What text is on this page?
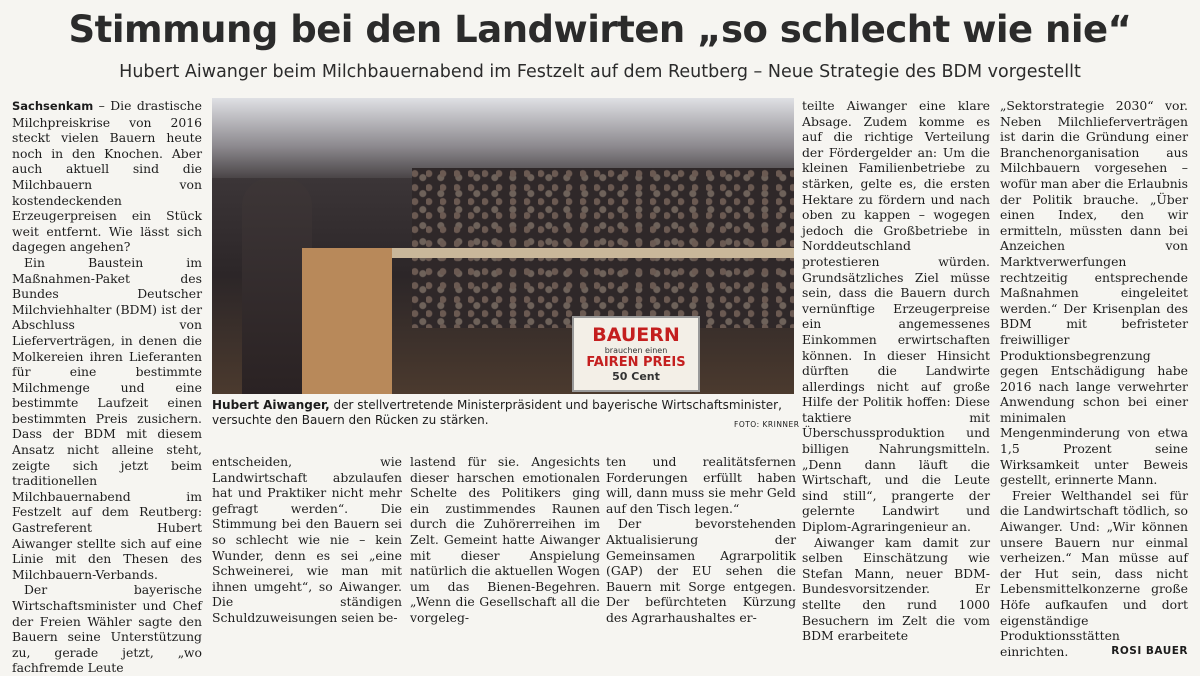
Stimmung bei den Landwirten „so schlecht wie nie“
Hubert Aiwanger beim Milchbauernabend im Festzelt auf dem Reutberg – Neue Strategie des BDM vorgestellt

Sachsenkam – Die drastische Milchpreiskrise von 2016 steckt vielen Bauern heute noch in den Knochen. Aber auch aktuell sind die Milchbauern von kostendeckenden Erzeugerpreisen ein Stück weit entfernt. Wie lässt sich dagegen angehen?

Ein Baustein im Maßnahmen-Paket des Bundes Deutscher Milchviehhalter (BDM) ist der Abschluss von Lieferverträgen, in denen die Molkereien ihren Lieferanten für eine bestimmte Milchmenge und eine bestimmte Laufzeit einen bestimmten Preis zusichern. Dass der BDM mit diesem Ansatz nicht alleine steht, zeigte sich jetzt beim traditionellen Milchbauernabend im Festzelt auf dem Reutberg: Gastreferent Hubert Aiwanger stellte sich auf eine Linie mit den Thesen des Milchbauern-Verbands.

Der bayerische Wirtschaftsminister und Chef der Freien Wähler sagte den Bauern seine Unterstützung zu, gerade jetzt, „wo fachfremde Leute

BAUERN
brauchen einen
FAIREN PREIS
50 Cent
Hubert Aiwanger, der stellvertretende Ministerpräsident und bayerische Wirtschaftsminister, versuchte den Bauern den Rücken zu stärken.	FOTO: KRINNER

entscheiden, wie Landwirtschaft abzulaufen hat und Praktiker nicht mehr gefragt werden“. Die Stimmung bei den Bauern sei so schlecht wie nie – kein Wunder, denn es sei „eine Schweinerei, wie man mit ihnen umgeht“, so Aiwanger. Die ständigen Schuldzuweisungen seien be-

lastend für sie. Angesichts dieser harschen emotionalen Schelte des Politikers ging ein zustimmendes Raunen durch die Zuhörerreihen im Zelt. Gemeint hatte Aiwanger mit dieser Anspielung natürlich die aktuellen Wogen um das Bienen-Begehren. „Wenn die Gesellschaft all die vorgeleg-

ten und realitätsfernen Forderungen erfüllt haben will, dann muss sie mehr Geld auf den Tisch legen.“

Der bevorstehenden Aktualisierung der Gemeinsamen Agrarpolitik (GAP) der EU sehen die Bauern mit Sorge entgegen. Der befürchteten Kürzung des Agrarhaushaltes er-

teilte Aiwanger eine klare Absage. Zudem komme es auf die richtige Verteilung der Fördergelder an: Um die kleinen Familienbetriebe zu stärken, gelte es, die ersten Hektare zu fördern und nach oben zu kappen – wogegen jedoch die Großbetriebe in Norddeutschland protestieren würden. Grundsätzliches Ziel müsse sein, dass die Bauern durch vernünftige Erzeugerpreise ein angemessenes Einkommen erwirtschaften können. In dieser Hinsicht dürften die Landwirte allerdings nicht auf große Hilfe der Politik hoffen: Diese taktiere mit Überschussproduktion und billigen Nahrungsmitteln. „Denn dann läuft die Wirtschaft, und die Leute sind still“, prangerte der gelernte Landwirt und Diplom-Agraringenieur an.

Aiwanger kam damit zur selben Einschätzung wie Stefan Mann, neuer BDM-Bundesvorsitzender. Er stellte den rund 1000 Besuchern im Zelt die vom BDM erarbeitete

„Sektorstrategie 2030“ vor. Neben Milchlieferverträgen ist darin die Gründung einer Branchenorganisation aus Milchbauern vorgesehen – wofür man aber die Erlaubnis der Politik brauche. „Über einen Index, den wir ermitteln, müssten dann bei Anzeichen von Marktverwerfungen rechtzeitig entsprechende Maßnahmen eingeleitet werden.“ Der Krisenplan des BDM mit befristeter freiwilliger Produktionsbegrenzung gegen Entschädigung habe 2016 nach lange verwehrter Anwendung schon bei einer minimalen Mengenminderung von etwa 1,5 Prozent seine Wirksamkeit unter Beweis gestellt, erinnerte Mann.

Freier Welthandel sei für die Landwirtschaft tödlich, so Aiwanger. Und: „Wir können unsere Bauern nur einmal verheizen.“ Man müsse auf der Hut sein, dass nicht Lebensmittelkonzerne große Höfe aufkaufen und dort eigenständige Produktionsstätten einrichten.	ROSI BAUER
